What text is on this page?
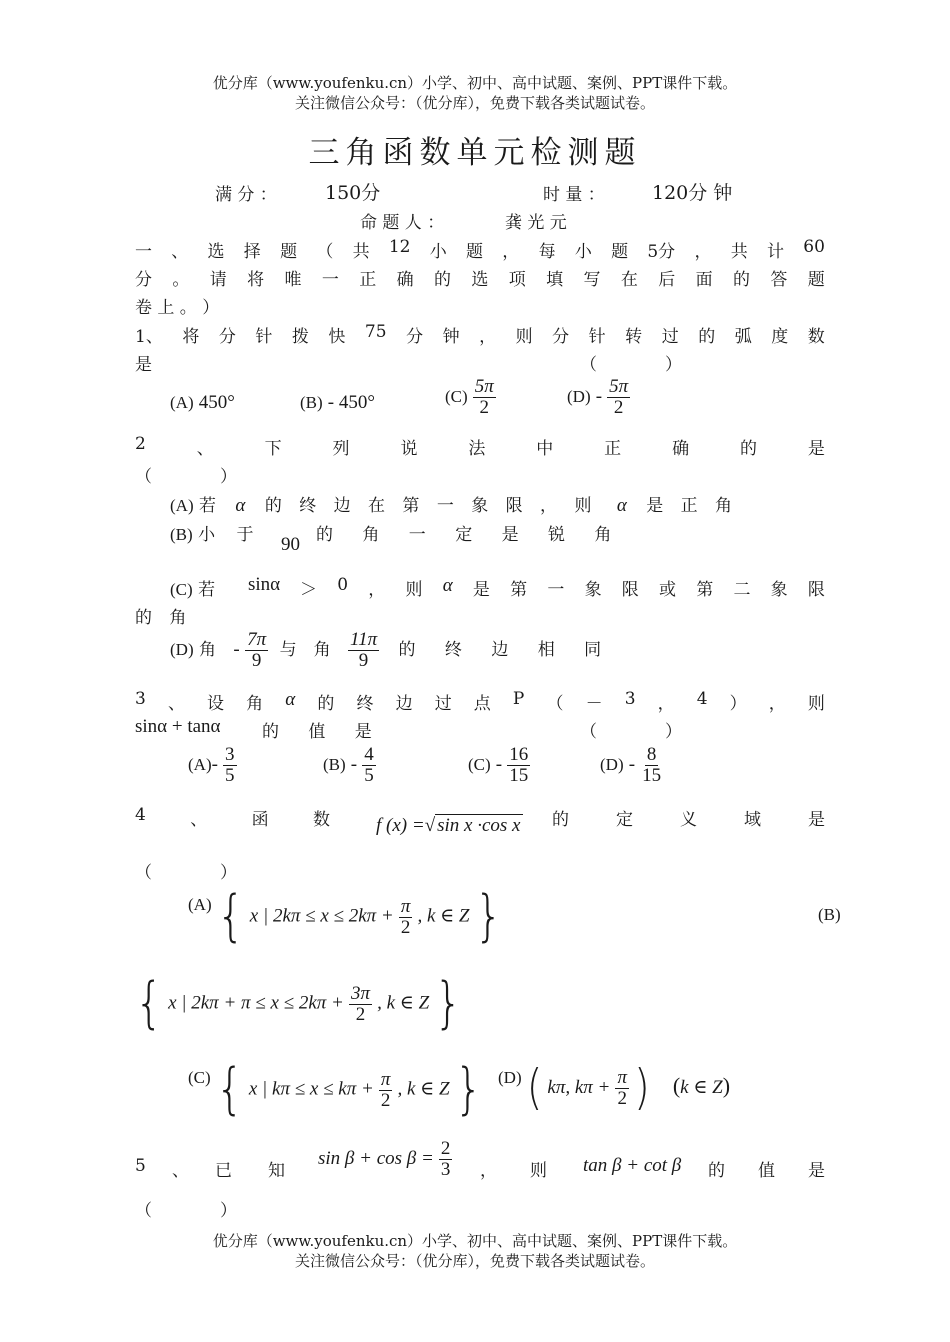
优分库（www.youfenku.cn）小学、初中、高中试题、案例、PPT课件下载。
关注微信公众号：（优分库），免费下载各类试题试卷。
三角函数单元检测题
满 分 ：	150分	时 量 ： 120分 钟
命 题 人 ：	龚 光 元
一 、 选 择 题 （ 共 12 小 题 ， 每 小 题 5分 ， 共 计 60
分 。 请 将 唯 一 正 确 的 选 项 填 写 在 后 面 的 答 题
卷 上 。 ）
1、 将 分 针 拨 快 75 分 钟 ， 则 分 针 转 过 的 弧 度 数
是	（　　　　）
(A) 450°	(B) - 450°	$(C) \frac{5\pi}{2}$	$(D) - \frac{5\pi}{2}$
2	、	下	列	说	法	中	正	确	的	是
（　　　　）
(A) 若 α 的 终 边 在 第 一 象 限 ， 则 α 是 正 角
(B) 小 于 90 的 角 一 定 是 锐 角
(C) 若 sinα ＞ 0 ， 则 α 是 第 一 象 限 或 第 二 象 限
的 角
(D) 角 - $\frac{7\pi}{9}$ 与　角 $\frac{11\pi}{9}$ 的 终 边 相 同
3 、 设 角 α 的 终 边 过 点 P （ － 3 ， 4 ） ， 则
sinα + tanα 的 值 是	（　　　　）
$(A)- \frac{3}{5}$	$(B) - \frac{4}{5}$	$(C) - \frac{16}{15}$	$(D) - \frac{8}{15}$
4	、	函	数 f (x) =√ sin x ·cos x 的	定	义	域	是
（　　　　）
(A) { x | $2k\pi \le x \le 2k\pi + \frac{\pi}{2}$ , k ∈ Z }	(B)
{ x | $2k\pi + \pi \le x \le 2k\pi + \frac{3\pi}{2}$ , k ∈ Z }
(C) { x | $k\pi \le x \le k\pi + \frac{\pi}{2}$ , k ∈ Z } (D) ( kπ, $k\pi + \frac{\pi}{2}$ ) (k ∈ Z)
5 、 已 知
$\sin \beta + \cos \beta = \frac{2}{3}$ ， 则 tan β + cot β 的 值 是
（　　　　）
优分库（www.youfenku.cn）小学、初中、高中试题、案例、PPT课件下载。
关注微信公众号：（优分库），免费下载各类试题试卷。
